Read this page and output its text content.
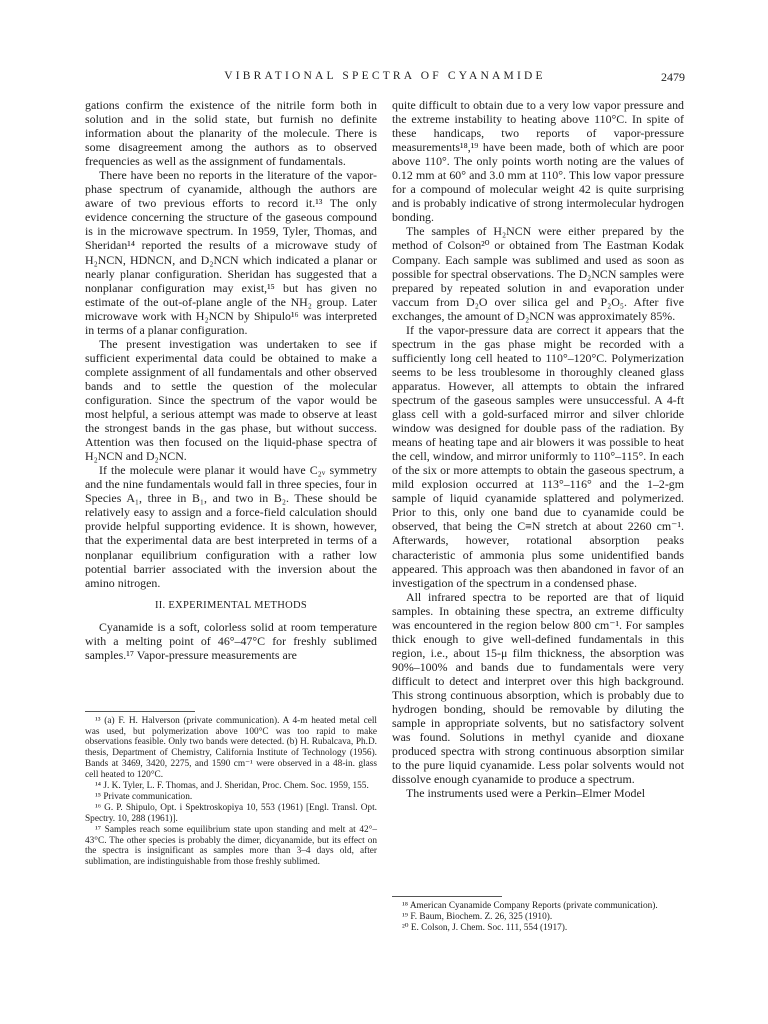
VIBRATIONAL SPECTRA OF CYANAMIDE	2479

gations confirm the existence of the nitrile form both in solution and in the solid state, but furnish no definite information about the planarity of the molecule. There is some disagreement among the authors as to observed frequencies as well as the assignment of fundamentals.

There have been no reports in the literature of the vapor-phase spectrum of cyanamide, although the authors are aware of two previous efforts to record it.¹³ The only evidence concerning the structure of the gaseous compound is in the microwave spectrum. In 1959, Tyler, Thomas, and Sheridan¹⁴ reported the results of a microwave study of H₂NCN, HDNCN, and D₂NCN which indicated a planar or nearly planar configuration. Sheridan has suggested that a nonplanar configuration may exist,¹⁵ but has given no estimate of the out-of-plane angle of the NH₂ group. Later microwave work with H₂NCN by Shipulo¹⁶ was interpreted in terms of a planar configuration.

The present investigation was undertaken to see if sufficient experimental data could be obtained to make a complete assignment of all fundamentals and other observed bands and to settle the question of the molecular configuration. Since the spectrum of the vapor would be most helpful, a serious attempt was made to observe at least the strongest bands in the gas phase, but without success. Attention was then focused on the liquid-phase spectra of H₂NCN and D₂NCN.

If the molecule were planar it would have C₂ᵥ symmetry and the nine fundamentals would fall in three species, four in Species A₁, three in B₁, and two in B₂. These should be relatively easy to assign and a force-field calculation should provide helpful supporting evidence. It is shown, however, that the experimental data are best interpreted in terms of a nonplanar equilibrium configuration with a rather low potential barrier associated with the inversion about the amino nitrogen.

II. EXPERIMENTAL METHODS

Cyanamide is a soft, colorless solid at room temperature with a melting point of 46°–47°C for freshly sublimed samples.¹⁷ Vapor-pressure measurements are

¹³ (a) F. H. Halverson (private communication). A 4-m heated metal cell was used, but polymerization above 100°C was too rapid to make observations feasible. Only two bands were detected. (b) H. Rubalcava, Ph.D. thesis, Department of Chemistry, California Institute of Technology (1956). Bands at 3469, 3420, 2275, and 1590 cm⁻¹ were observed in a 48-in. glass cell heated to 120°C.

¹⁴ J. K. Tyler, L. F. Thomas, and J. Sheridan, Proc. Chem. Soc. 1959, 155.

¹⁵ Private communication.

¹⁶ G. P. Shipulo, Opt. i Spektroskopiya 10, 553 (1961) [Engl. Transl. Opt. Spectry. 10, 288 (1961)].

¹⁷ Samples reach some equilibrium state upon standing and melt at 42°–43°C. The other species is probably the dimer, dicyanamide, but its effect on the spectra is insignificant as samples more than 3–4 days old, after sublimation, are indistinguishable from those freshly sublimed.

quite difficult to obtain due to a very low vapor pressure and the extreme instability to heating above 110°C. In spite of these handicaps, two reports of vapor-pressure measurements¹⁸,¹⁹ have been made, both of which are poor above 110°. The only points worth noting are the values of 0.12 mm at 60° and 3.0 mm at 110°. This low vapor pressure for a compound of molecular weight 42 is quite surprising and is probably indicative of strong intermolecular hydrogen bonding.

The samples of H₂NCN were either prepared by the method of Colson²⁰ or obtained from The Eastman Kodak Company. Each sample was sublimed and used as soon as possible for spectral observations. The D₂NCN samples were prepared by repeated solution in and evaporation under vaccum from D₂O over silica gel and P₂O₅. After five exchanges, the amount of D₂NCN was approximately 85%.

If the vapor-pressure data are correct it appears that the spectrum in the gas phase might be recorded with a sufficiently long cell heated to 110°–120°C. Polymerization seems to be less troublesome in thoroughly cleaned glass apparatus. However, all attempts to obtain the infrared spectrum of the gaseous samples were unsuccessful. A 4-ft glass cell with a gold-surfaced mirror and silver chloride window was designed for double pass of the radiation. By means of heating tape and air blowers it was possible to heat the cell, window, and mirror uniformly to 110°–115°. In each of the six or more attempts to obtain the gaseous spectrum, a mild explosion occurred at 113°–116° and the 1–2-gm sample of liquid cyanamide splattered and polymerized. Prior to this, only one band due to cyanamide could be observed, that being the C≡N stretch at about 2260 cm⁻¹. Afterwards, however, rotational absorption peaks characteristic of ammonia plus some unidentified bands appeared. This approach was then abandoned in favor of an investigation of the spectrum in a condensed phase.

All infrared spectra to be reported are that of liquid samples. In obtaining these spectra, an extreme difficulty was encountered in the region below 800 cm⁻¹. For samples thick enough to give well-defined fundamentals in this region, i.e., about 15-μ film thickness, the absorption was 90%–100% and bands due to fundamentals were very difficult to detect and interpret over this high background. This strong continuous absorption, which is probably due to hydrogen bonding, should be removable by diluting the sample in appropriate solvents, but no satisfactory solvent was found. Solutions in methyl cyanide and dioxane produced spectra with strong continuous absorption similar to the pure liquid cyanamide. Less polar solvents would not dissolve enough cyanamide to produce a spectrum.

The instruments used were a Perkin–Elmer Model

¹⁸ American Cyanamide Company Reports (private communication).

¹⁹ F. Baum, Biochem. Z. 26, 325 (1910).

²⁰ E. Colson, J. Chem. Soc. 111, 554 (1917).
